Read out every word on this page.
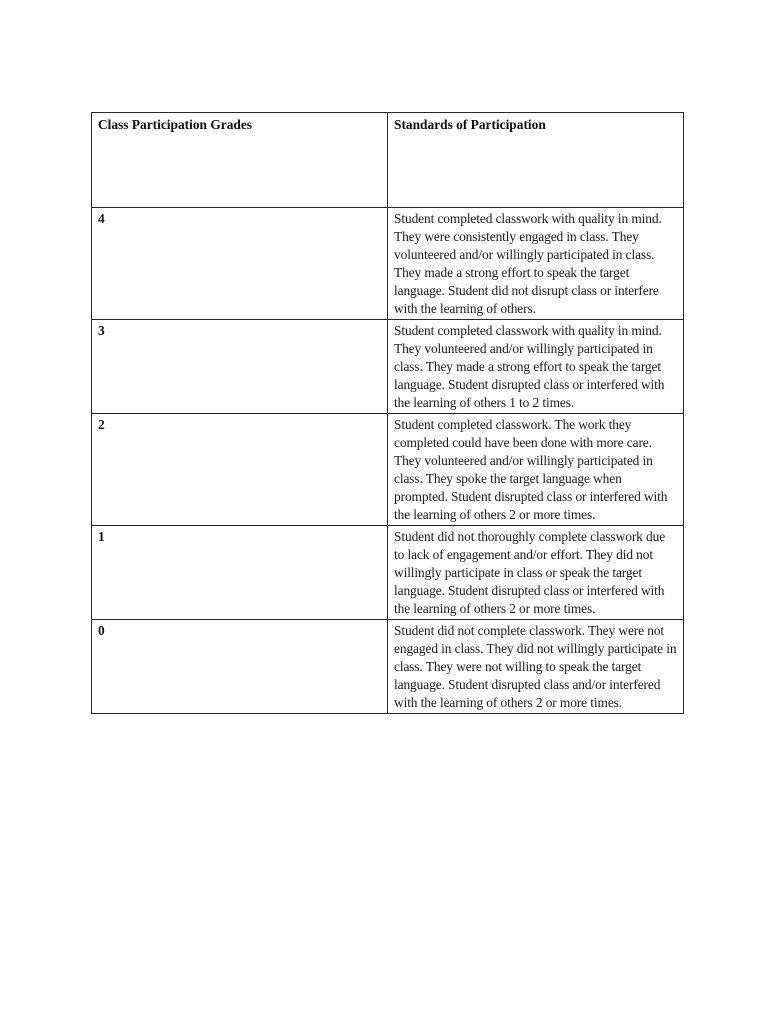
Class Participation Grades	Standards of Participation
4	Student completed classwork with quality in mind. They were consistently engaged in class. They volunteered and/or willingly participated in class. They made a strong effort to speak the target language. Student did not disrupt class or interfere with the learning of others.
3	Student completed classwork with quality in mind. They volunteered and/or willingly participated in class. They made a strong effort to speak the target language. Student disrupted class or interfered with the learning of others 1 to 2 times.
2	Student completed classwork. The work they completed could have been done with more care. They volunteered and/or willingly participated in class. They spoke the target language when prompted. Student disrupted class or interfered with the learning of others 2 or more times.
1	Student did not thoroughly complete classwork due to lack of engagement and/or effort. They did not willingly participate in class or speak the target language. Student disrupted class or interfered with the learning of others 2 or more times.
0	Student did not complete classwork. They were not engaged in class. They did not willingly participate in class. They were not willing to speak the target language. Student disrupted class and/or interfered with the learning of others 2 or more times.
